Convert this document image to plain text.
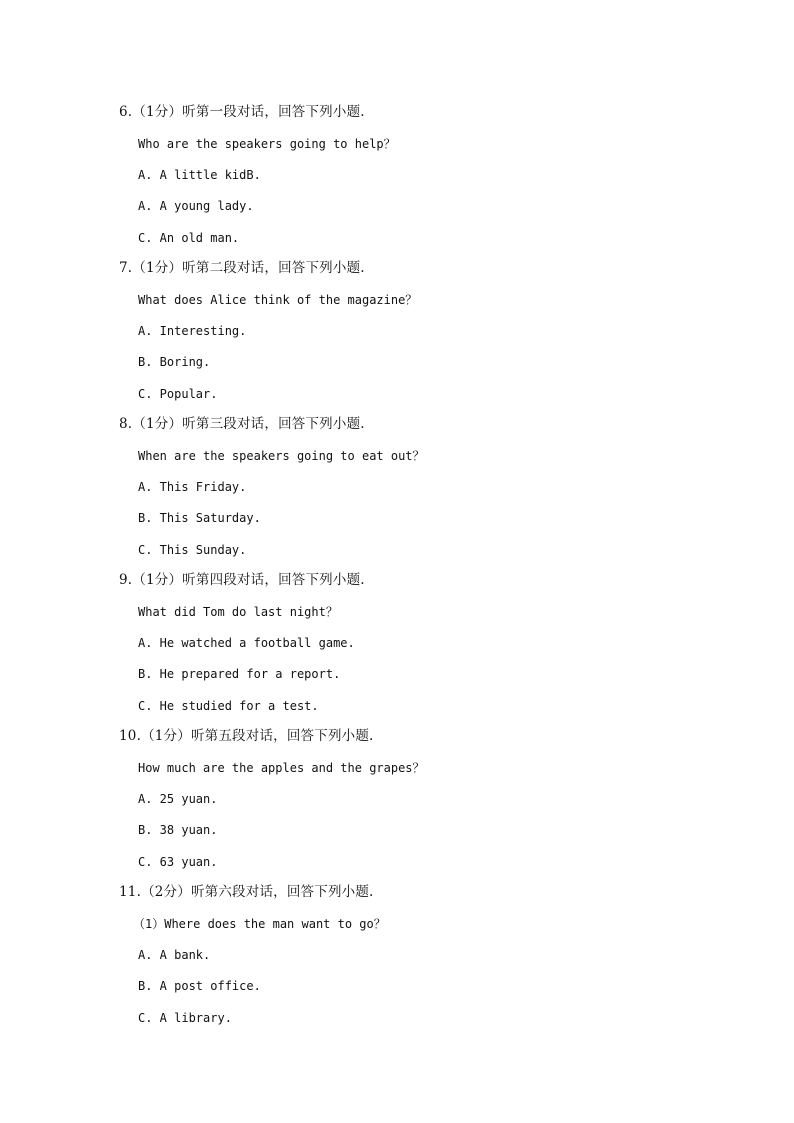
6.（1分）听第一段对话，回答下列小题.
Who are the speakers going to help？
A. A little kidB.
A. A young lady.
C. An old man.
7.（1分）听第二段对话，回答下列小题.
What does Alice think of the magazine？
A. Interesting.
B. Boring.
C. Popular.
8.（1分）听第三段对话，回答下列小题.
When are the speakers going to eat out？
A. This Friday.
B. This Saturday.
C. This Sunday.
9.（1分）听第四段对话，回答下列小题.
What did Tom do last night？
A. He watched a football game.
B. He prepared for a report.
C. He studied for a test.
10.（1分）听第五段对话，回答下列小题.
How much are the apples and the grapes？
A. 25 yuan.
B. 38 yuan.
C. 63 yuan.
11.（2分）听第六段对话，回答下列小题.
（1）Where does the man want to go？
A. A bank.
B. A post office.
C. A library.
